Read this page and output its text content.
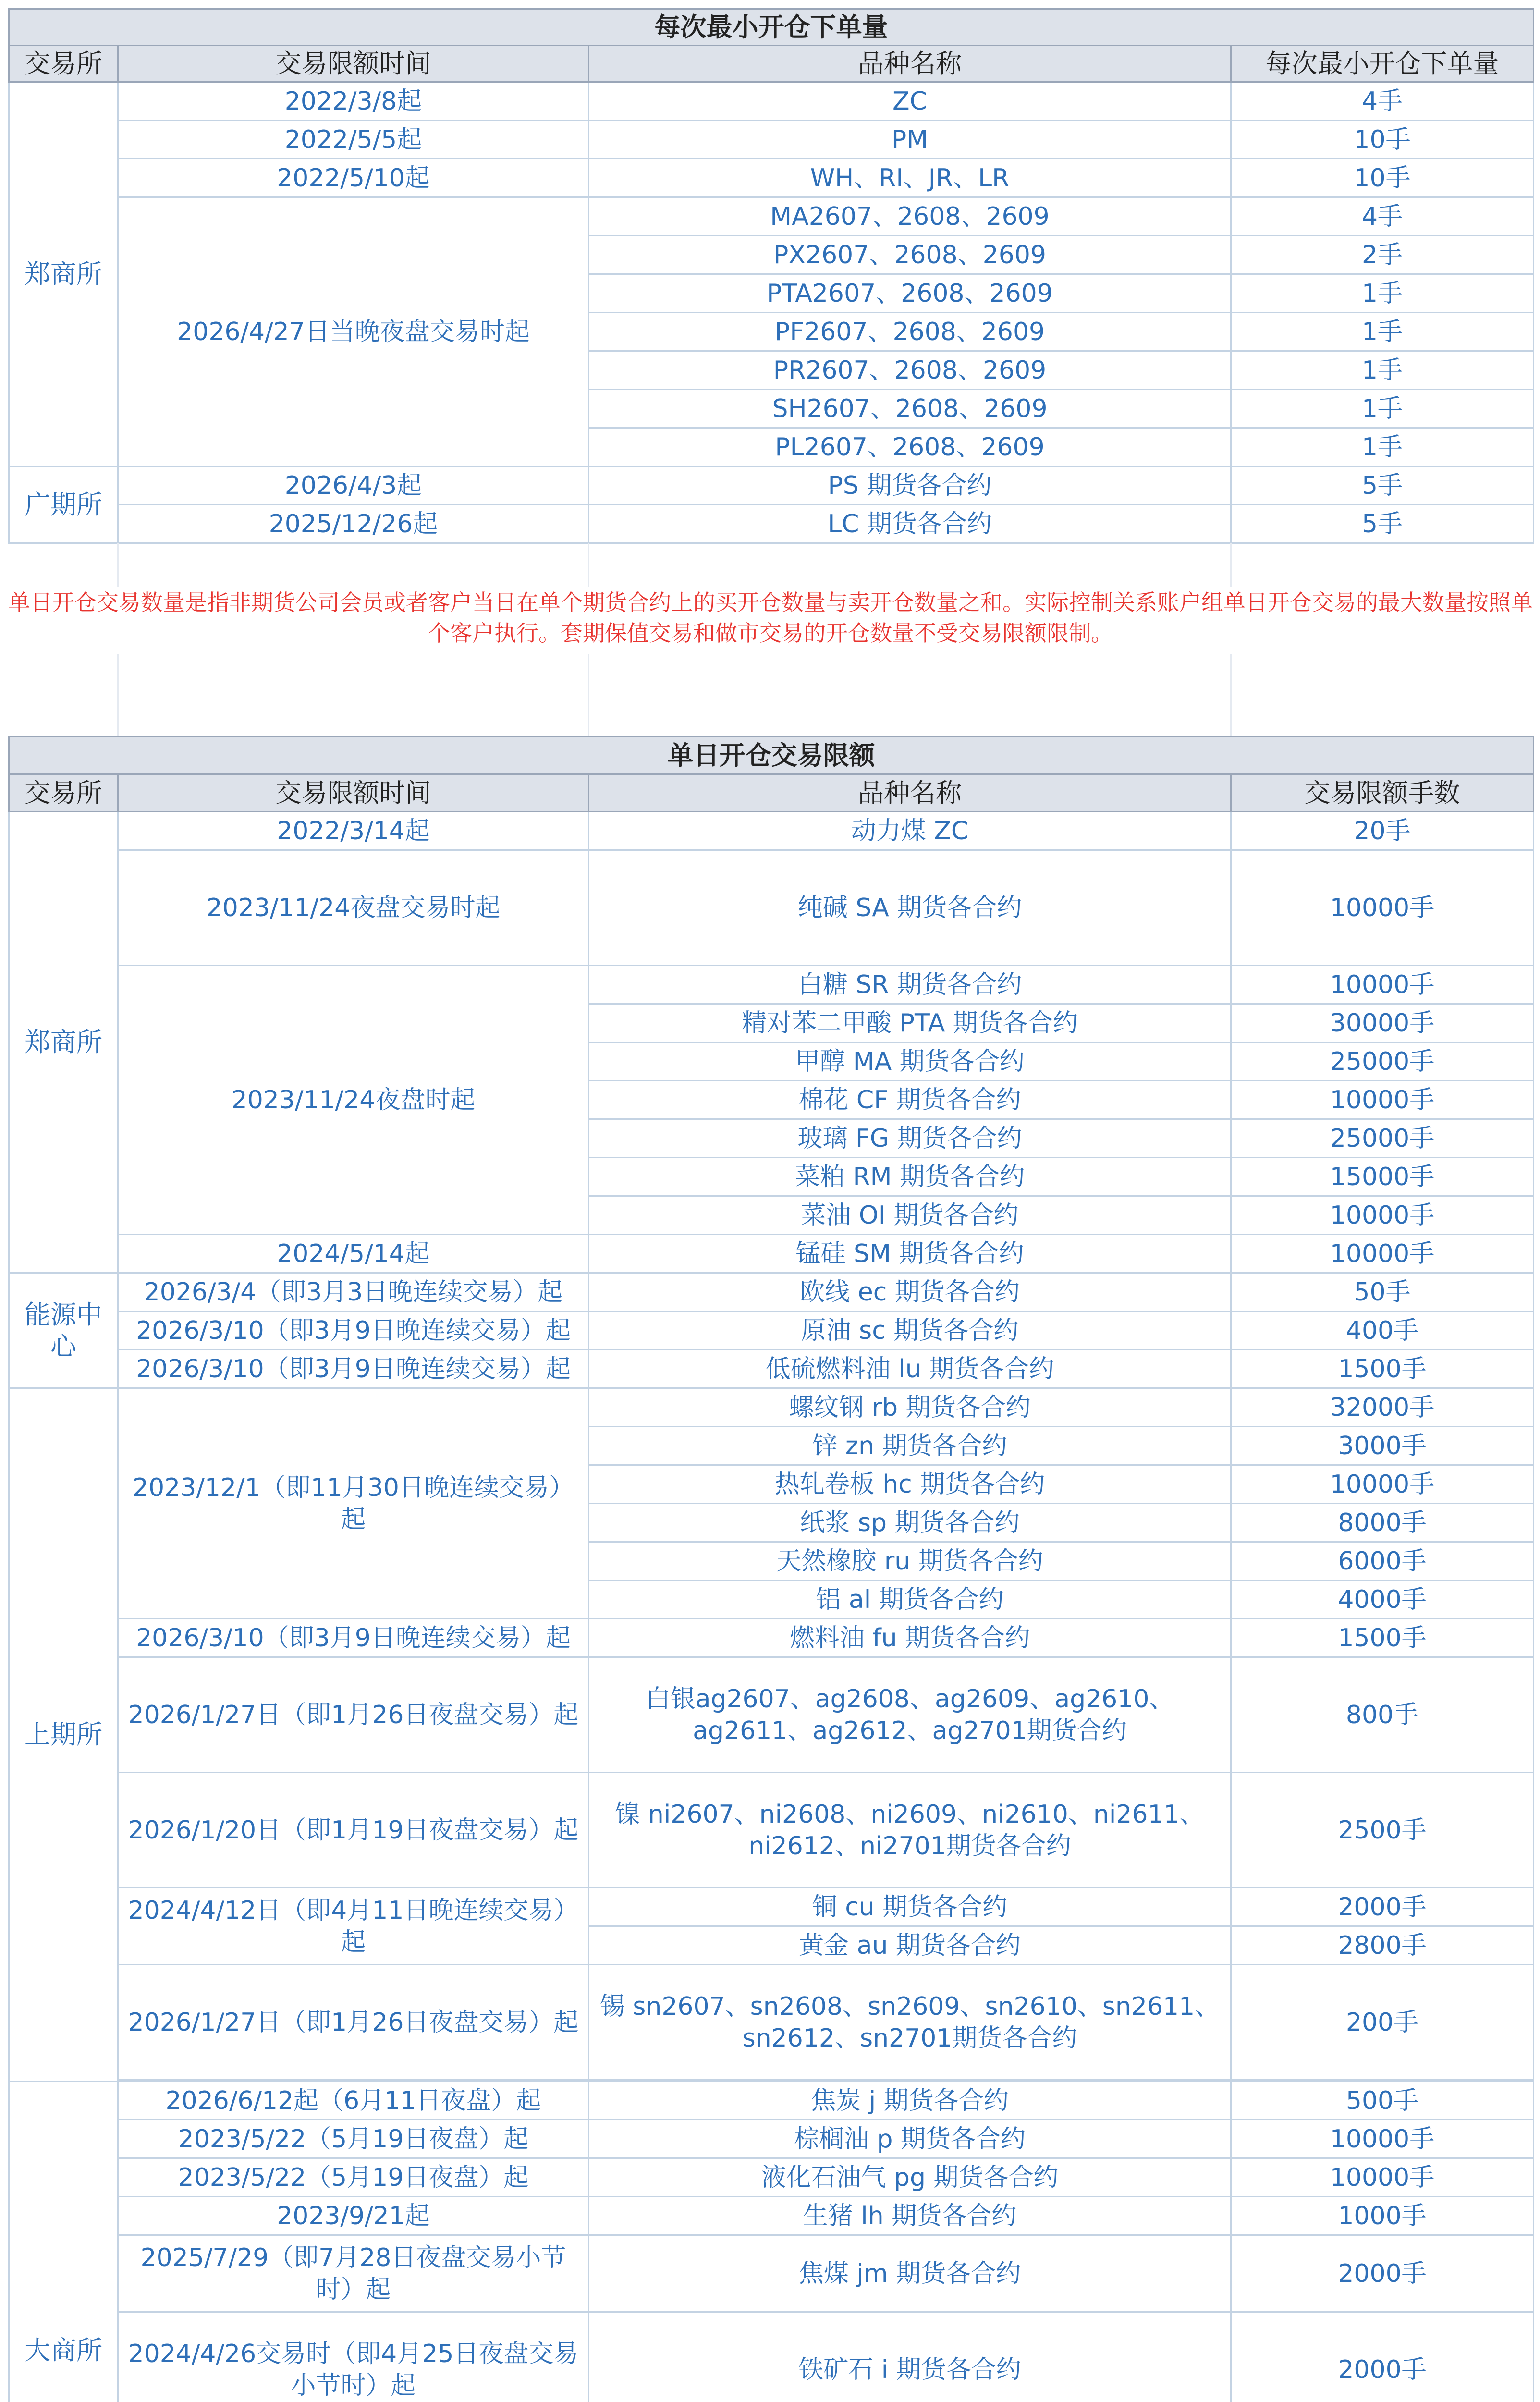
每次最小开仓下单量			
交易所	交易限额时间	品种名称	每次最小开仓下单量
郑商所	2022/3/8起	ZC	4手
	2022/5/5起	PM	10手
	2022/5/10起	WH、RI、JR、LR	10手
	2026/4/27日当晚夜盘交易时起	MA2607、2608、2609	4手
		PX2607、2608、2609	2手
		PTA2607、2608、2609	1手
		PF2607、2608、2609	1手
		PR2607、2608、2609	1手
		SH2607、2608、2609	1手
		PL2607、2608、2609	1手
广期所	2026/4/3起	PS 期货各合约	5手
	2025/12/26起	LC 期货各合约	5手
单日开仓交易数量是指非期货公司会员或者客户当日在单个期货合约上的买开仓数量与卖开仓数量之和。实际控制关系账户组单日开仓交易的最大数量按照单个客户执行。套期保值交易和做市交易的开仓数量不受交易限额限制。
单日开仓交易限额			
交易所	交易限额时间	品种名称	交易限额手数
郑商所	2022/3/14起	动力煤 ZC	20手
	2023/11/24夜盘交易时起	纯碱 SA 期货各合约	10000手
	2023/11/24夜盘时起	白糖 SR 期货各合约	10000手
		精对苯二甲酸 PTA 期货各合约	30000手
		甲醇 MA 期货各合约	25000手
		棉花 CF 期货各合约	10000手
		玻璃 FG 期货各合约	25000手
		菜粕 RM 期货各合约	15000手
		菜油 OI 期货各合约	10000手
	2024/5/14起	锰硅 SM 期货各合约	10000手
能源中心	2026/3/4（即3月3日晚连续交易）起	欧线 ec 期货各合约	50手
	2026/3/10（即3月9日晚连续交易）起	原油 sc 期货各合约	400手
	2026/3/10（即3月9日晚连续交易）起	低硫燃料油 lu 期货各合约	1500手
上期所	2023/12/1（即11月30日晚连续交易）起	螺纹钢 rb 期货各合约	32000手
		锌 zn 期货各合约	3000手
		热轧卷板 hc 期货各合约	10000手
		纸浆 sp 期货各合约	8000手
		天然橡胶 ru 期货各合约	6000手
		铝 al 期货各合约	4000手
	2026/3/10（即3月9日晚连续交易）起	燃料油 fu 期货各合约	1500手
	2026/1/27日（即1月26日夜盘交易）起	白银ag2607、ag2608、ag2609、ag2610、ag2611、ag2612、ag2701期货合约	800手
	2026/1/20日（即1月19日夜盘交易）起	镍 ni2607、ni2608、ni2609、ni2610、ni2611、ni2612、ni2701期货各合约	2500手
	2024/4/12日（即4月11日晚连续交易）起	铜 cu 期货各合约	2000手
		黄金 au 期货各合约	2800手
	2026/1/27日（即1月26日夜盘交易）起	锡 sn2607、sn2608、sn2609、sn2610、sn2611、sn2612、sn2701期货各合约	200手

大商所	2026/6/12起（6月11日夜盘）起	焦炭 j 期货各合约	500手
	2023/5/22（5月19日夜盘）起	棕榈油 p 期货各合约	10000手
	2023/5/22（5月19日夜盘）起	液化石油气 pg 期货各合约	10000手
	2023/9/21起	生猪 lh 期货各合约	1000手
	2025/7/29（即7月28日夜盘交易小节时）起	焦煤 jm 期货各合约	2000手
	2024/4/26交易时（即4月25日夜盘交易小节时）起	铁矿石 i 期货各合约	2000手
